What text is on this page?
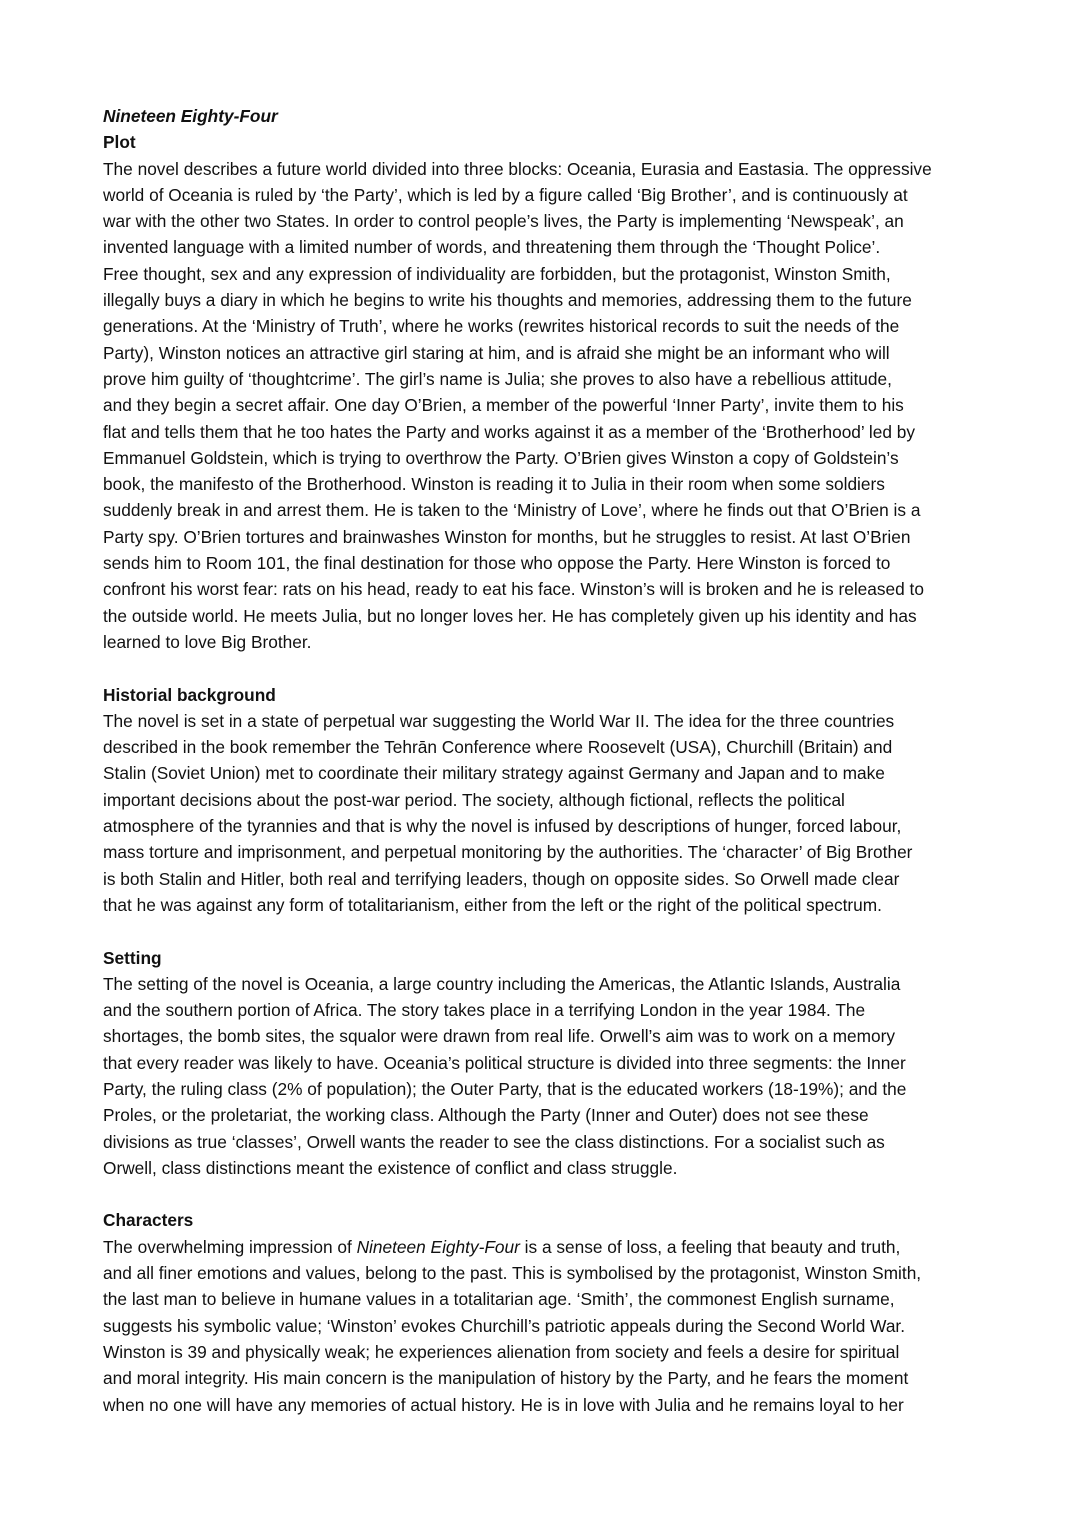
Nineteen Eighty-Four

Plot

The novel describes a future world divided into three blocks: Oceania, Eurasia and Eastasia. The oppressive
world of Oceania is ruled by ‘the Party’, which is led by a figure called ‘Big Brother’, and is continuously at
war with the other two States. In order to control people’s lives, the Party is implementing ‘Newspeak’, an
invented language with a limited number of words, and threatening them through the ‘Thought Police’.
Free thought, sex and any expression of individuality are forbidden, but the protagonist, Winston Smith,
illegally buys a diary in which he begins to write his thoughts and memories, addressing them to the future
generations. At the ‘Ministry of Truth’, where he works (rewrites historical records to suit the needs of the
Party), Winston notices an attractive girl staring at him, and is afraid she might be an informant who will
prove him guilty of ‘thoughtcrime’. The girl’s name is Julia; she proves to also have a rebellious attitude,
and they begin a secret affair. One day O’Brien, a member of the powerful ‘Inner Party’, invite them to his
flat and tells them that he too hates the Party and works against it as a member of the ‘Brotherhood’ led by
Emmanuel Goldstein, which is trying to overthrow the Party. O’Brien gives Winston a copy of Goldstein’s
book, the manifesto of the Brotherhood. Winston is reading it to Julia in their room when some soldiers
suddenly break in and arrest them. He is taken to the ‘Ministry of Love’, where he finds out that O’Brien is a
Party spy. O’Brien tortures and brainwashes Winston for months, but he struggles to resist. At last O’Brien
sends him to Room 101, the final destination for those who oppose the Party. Here Winston is forced to
confront his worst fear: rats on his head, ready to eat his face. Winston’s will is broken and he is released to
the outside world. He meets Julia, but no longer loves her. He has completely given up his identity and has
learned to love Big Brother.

Historial background

The novel is set in a state of perpetual war suggesting the World War II. The idea for the three countries
described in the book remember the Tehrān Conference where Roosevelt (USA), Churchill (Britain) and
Stalin (Soviet Union) met to coordinate their military strategy against Germany and Japan and to make
important decisions about the post-war period. The society, although fictional, reflects the political
atmosphere of the tyrannies and that is why the novel is infused by descriptions of hunger, forced labour,
mass torture and imprisonment, and perpetual monitoring by the authorities. The ‘character’ of Big Brother
is both Stalin and Hitler, both real and terrifying leaders, though on opposite sides. So Orwell made clear
that he was against any form of totalitarianism, either from the left or the right of the political spectrum.

Setting

The setting of the novel is Oceania, a large country including the Americas, the Atlantic Islands, Australia
and the southern portion of Africa. The story takes place in a terrifying London in the year 1984. The
shortages, the bomb sites, the squalor were drawn from real life. Orwell’s aim was to work on a memory
that every reader was likely to have. Oceania’s political structure is divided into three segments: the Inner
Party, the ruling class (2% of population); the Outer Party, that is the educated workers (18-19%); and the
Proles, or the proletariat, the working class. Although the Party (Inner and Outer) does not see these
divisions as true ‘classes’, Orwell wants the reader to see the class distinctions. For a socialist such as
Orwell, class distinctions meant the existence of conflict and class struggle.

Characters

The overwhelming impression of Nineteen Eighty-Four is a sense of loss, a feeling that beauty and truth,
and all finer emotions and values, belong to the past. This is symbolised by the protagonist, Winston Smith,
the last man to believe in humane values in a totalitarian age. ‘Smith’, the commonest English surname,
suggests his symbolic value; ‘Winston’ evokes Churchill’s patriotic appeals during the Second World War.
Winston is 39 and physically weak; he experiences alienation from society and feels a desire for spiritual
and moral integrity. His main concern is the manipulation of history by the Party, and he fears the moment
when no one will have any memories of actual history. He is in love with Julia and he remains loyal to her
